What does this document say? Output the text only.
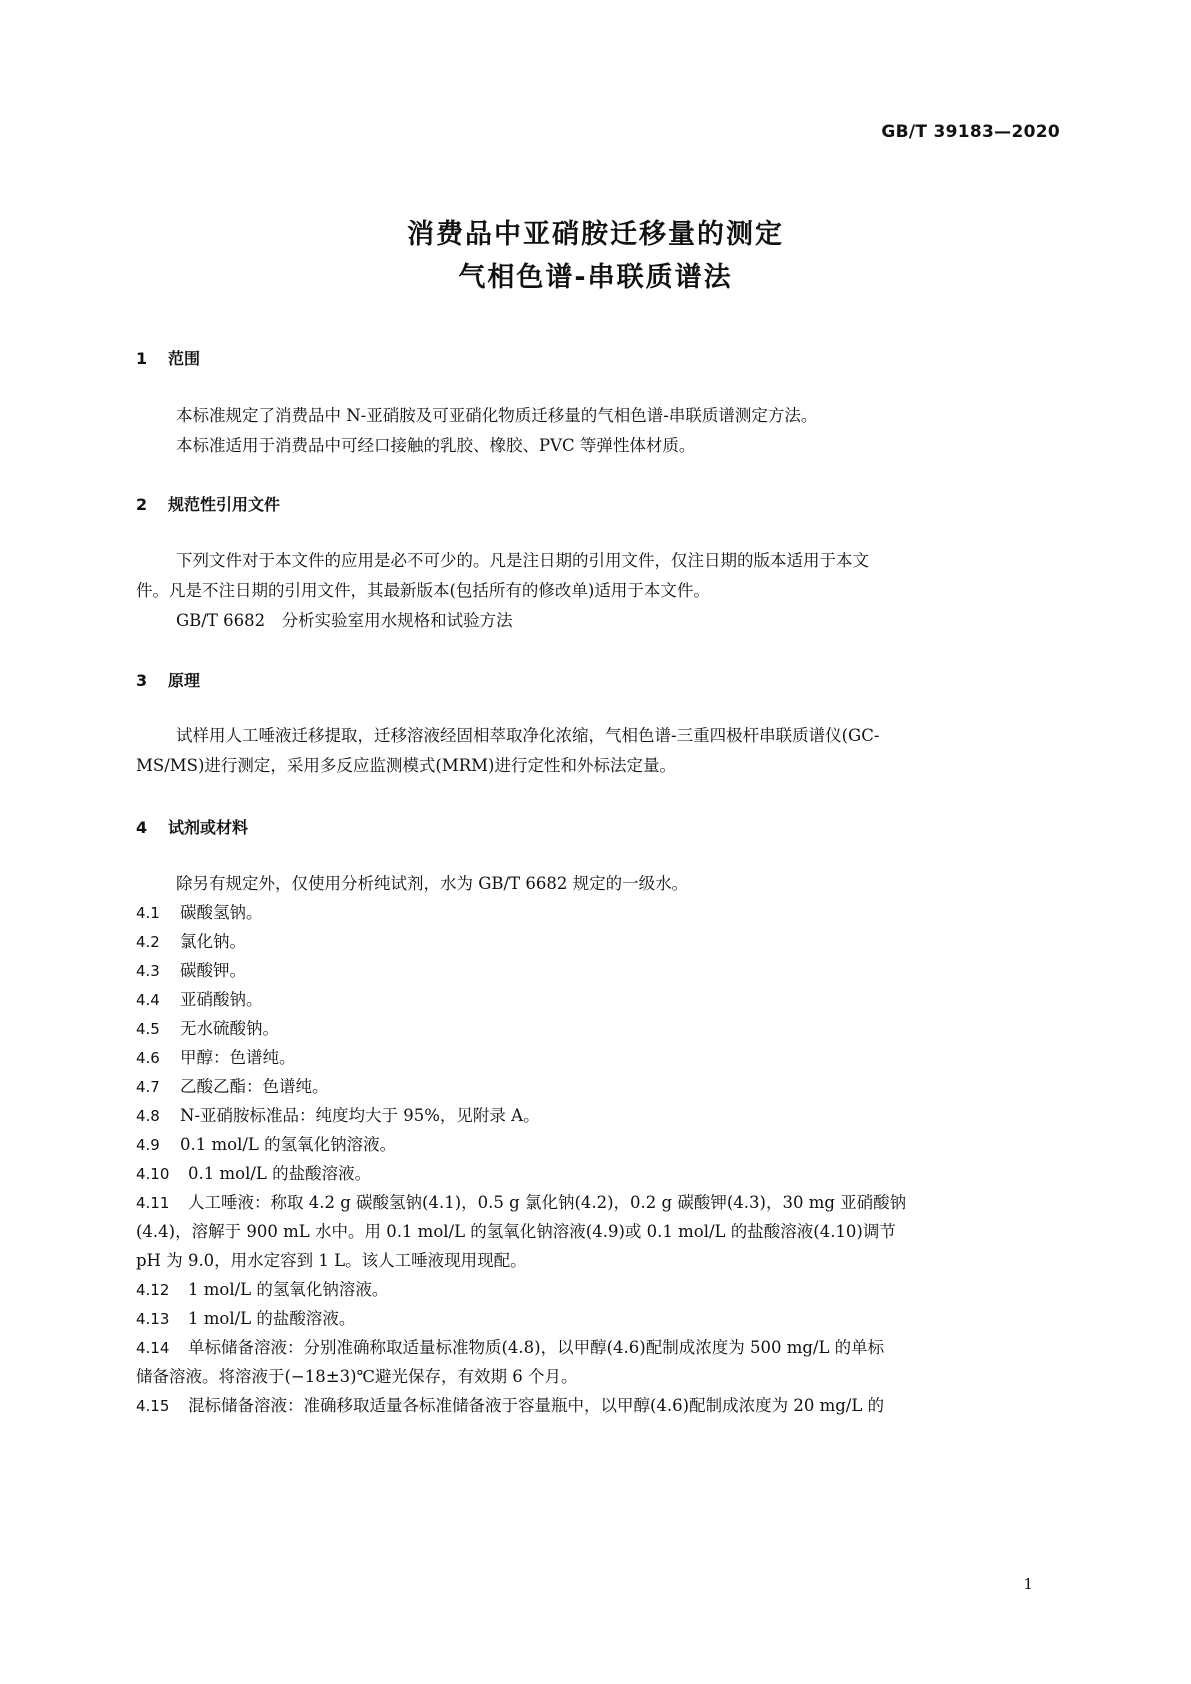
GB/T 39183—2020
消费品中亚硝胺迁移量的测定
气相色谱-串联质谱法
1 范围
本标准规定了消费品中 N-亚硝胺及可亚硝化物质迁移量的气相色谱-串联质谱测定方法。
本标准适用于消费品中可经口接触的乳胶、橡胶、PVC 等弹性体材质。
2 规范性引用文件
下列文件对于本文件的应用是必不可少的。凡是注日期的引用文件，仅注日期的版本适用于本文
件。凡是不注日期的引用文件，其最新版本(包括所有的修改单)适用于本文件。
GB/T 6682　分析实验室用水规格和试验方法
3 原理
试样用人工唾液迁移提取，迁移溶液经固相萃取净化浓缩，气相色谱-三重四极杆串联质谱仪(GC-
MS/MS)进行测定，采用多反应监测模式(MRM)进行定性和外标法定量。
4 试剂或材料
除另有规定外，仅使用分析纯试剂，水为 GB/T 6682 规定的一级水。
4.1 碳酸氢钠。
4.2 氯化钠。
4.3 碳酸钾。
4.4 亚硝酸钠。
4.5 无水硫酸钠。
4.6 甲醇：色谱纯。
4.7 乙酸乙酯：色谱纯。
4.8 N-亚硝胺标准品：纯度均大于 95%，见附录 A。
4.9 0.1 mol/L 的氢氧化钠溶液。
4.10 0.1 mol/L 的盐酸溶液。
4.11 人工唾液：称取 4.2 g 碳酸氢钠(4.1)，0.5 g 氯化钠(4.2)，0.2 g 碳酸钾(4.3)，30 mg 亚硝酸钠
(4.4)，溶解于 900 mL 水中。用 0.1 mol/L 的氢氧化钠溶液(4.9)或 0.1 mol/L 的盐酸溶液(4.10)调节
pH 为 9.0，用水定容到 1 L。该人工唾液现用现配。
4.12 1 mol/L 的氢氧化钠溶液。
4.13 1 mol/L 的盐酸溶液。
4.14 单标储备溶液：分别准确称取适量标准物质(4.8)，以甲醇(4.6)配制成浓度为 500 mg/L 的单标
储备溶液。将溶液于(−18±3)℃避光保存，有效期 6 个月。
4.15 混标储备溶液：准确移取适量各标准储备液于容量瓶中，以甲醇(4.6)配制成浓度为 20 mg/L 的
1
